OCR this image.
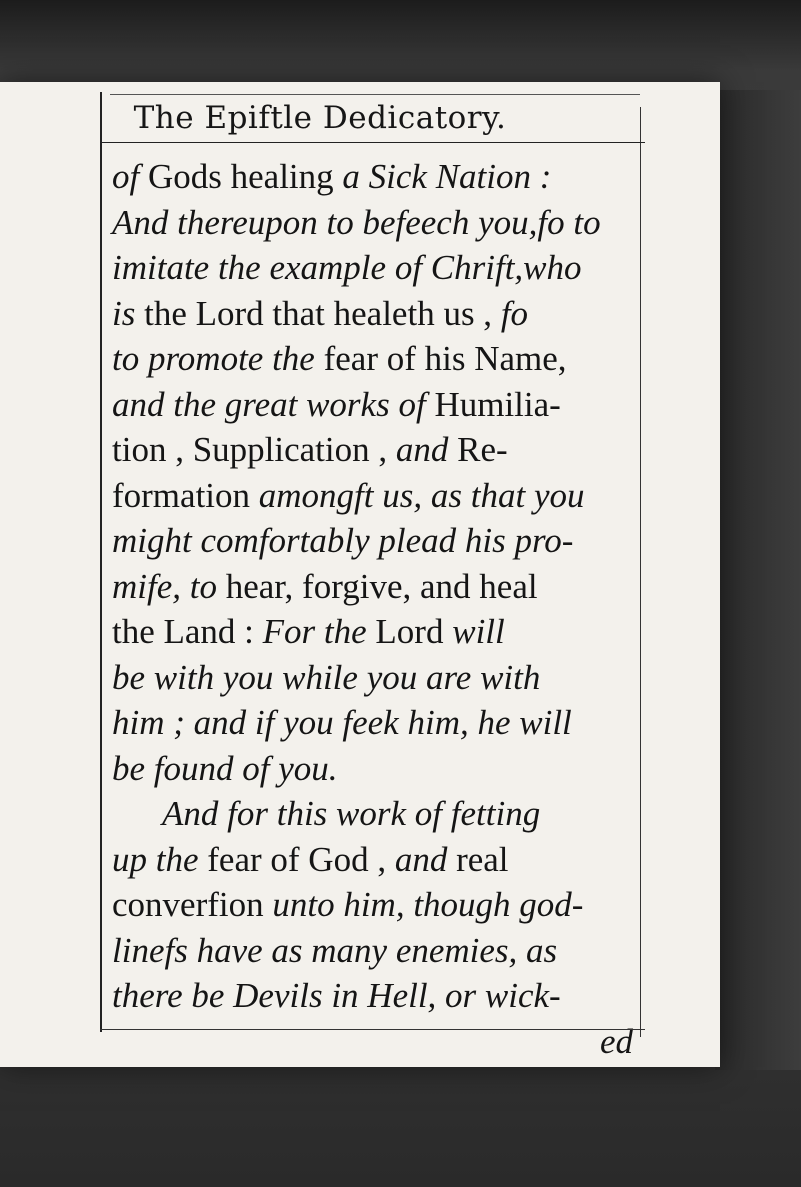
The Epiftle Dedicatory.
of Gods healing a Sick Nation :
And thereupon to befeech you,fo to
imitate the example of Chrift,who
is the Lord that healeth us , fo
to promote the fear of his Name,
and the great works of Humilia-
tion , Supplication , and Re-
formation amongft us, as that you
might comfortably plead his pro-
mife, to hear, forgive, and heal
the Land : For the Lord will
be with you while you are with
him ; and if you feek him, he will
be found of you.
And for this work of fetting
up the fear of God , and real
converfion unto him, though god-
linefs have as many enemies, as
there be Devils in Hell, or wick-
ed
